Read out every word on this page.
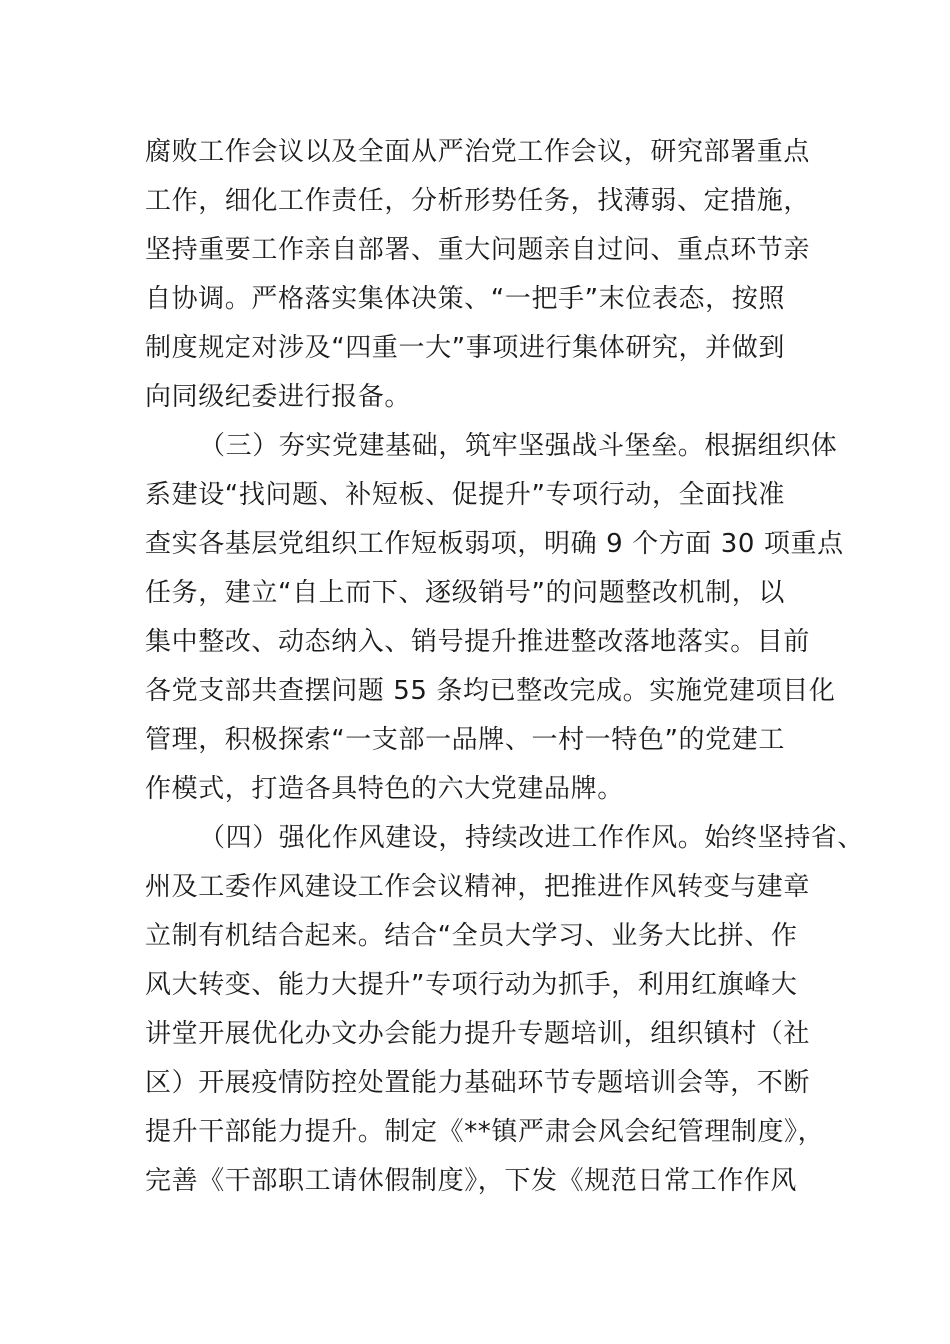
腐败工作会议以及全面从严治党工作会议，研究部署重点
工作，细化工作责任，分析形势任务，找薄弱、定措施，
坚持重要工作亲自部署、重大问题亲自过问、重点环节亲
自协调。严格落实集体决策、“一把手”末位表态，按照
制度规定对涉及“四重一大”事项进行集体研究，并做到
向同级纪委进行报备。
（三）夯实党建基础，筑牢坚强战斗堡垒。根据组织体
系建设“找问题、补短板、促提升”专项行动，全面找准
查实各基层党组织工作短板弱项，明确 9 个方面 30 项重点
任务，建立“自上而下、逐级销号”的问题整改机制，以
集中整改、动态纳入、销号提升推进整改落地落实。目前
各党支部共查摆问题 55 条均已整改完成。实施党建项目化
管理，积极探索“一支部一品牌、一村一特色”的党建工
作模式，打造各具特色的六大党建品牌。
（四）强化作风建设，持续改进工作作风。始终坚持省、
州及工委作风建设工作会议精神，把推进作风转变与建章
立制有机结合起来。结合“全员大学习、业务大比拼、作
风大转变、能力大提升”专项行动为抓手，利用红旗峰大
讲堂开展优化办文办会能力提升专题培训，组织镇村（社
区）开展疫情防控处置能力基础环节专题培训会等，不断
提升干部能力提升。制定《**镇严肃会风会纪管理制度》，
完善《干部职工请休假制度》，下发《规范日常工作作风
